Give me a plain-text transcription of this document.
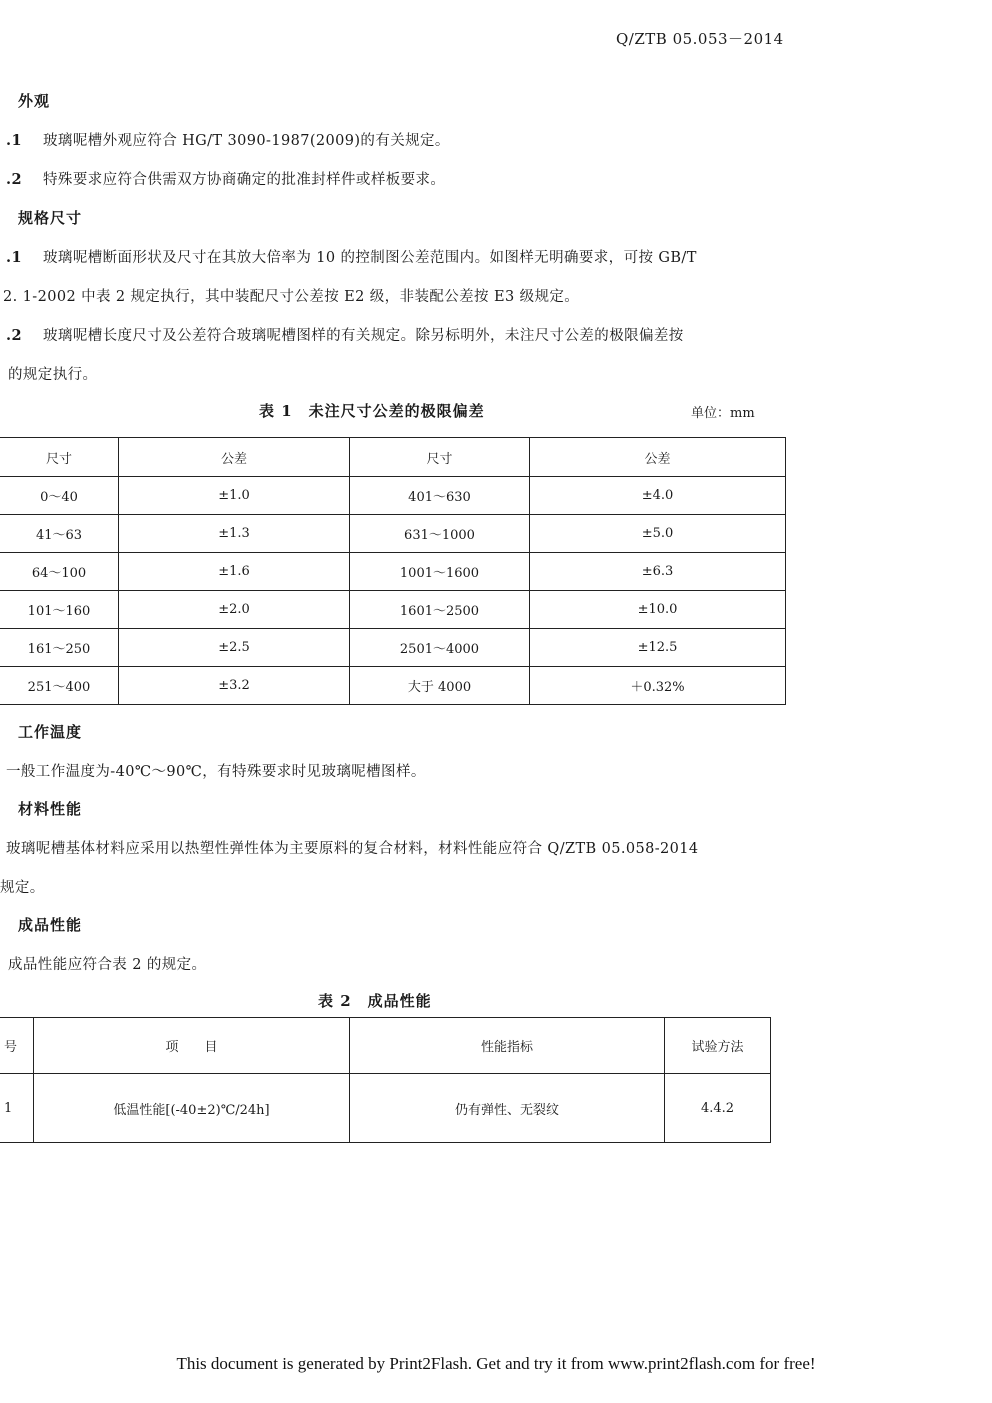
Q/ZTB 05.053－2014
外观
.1 玻璃呢槽外观应符合 HG/T 3090-1987(2009)的有关规定。
.2 特殊要求应符合供需双方协商确定的批准封样件或样板要求。
规格尺寸
.1 玻璃呢槽断面形状及尺寸在其放大倍率为 10 的控制图公差范围内。如图样无明确要求，可按 GB/T
2. 1-2002 中表 2 规定执行，其中装配尺寸公差按 E2 级，非装配公差按 E3 级规定。
.2 玻璃呢槽长度尺寸及公差符合玻璃呢槽图样的有关规定。除另标明外，未注尺寸公差的极限偏差按
的规定执行。
表 1　未注尺寸公差的极限偏差	单位：mm
尺寸	公差	尺寸	公差
0～40	±1.0	401～630	±4.0
41～63	±1.3	631～1000	±5.0
64～100	±1.6	1001～1600	±6.3
101～160	±2.0	1601～2500	±10.0
161～250	±2.5	2501～4000	±12.5
251～400	±3.2	大于 4000	＋0.32%
工作温度
一般工作温度为-40℃～90℃，有特殊要求时见玻璃呢槽图样。
材料性能
玻璃呢槽基体材料应采用以热塑性弹性体为主要原料的复合材料，材料性能应符合 Q/ZTB 05.058-2014
规定。
成品性能
成品性能应符合表 2 的规定。
表 2　成品性能
号	项　　目	性能指标	试验方法
1	低温性能[(-40±2)℃/24h]	仍有弹性、无裂纹	4.4.2
This document is generated by Print2Flash. Get and try it from www.print2flash.com for free!
